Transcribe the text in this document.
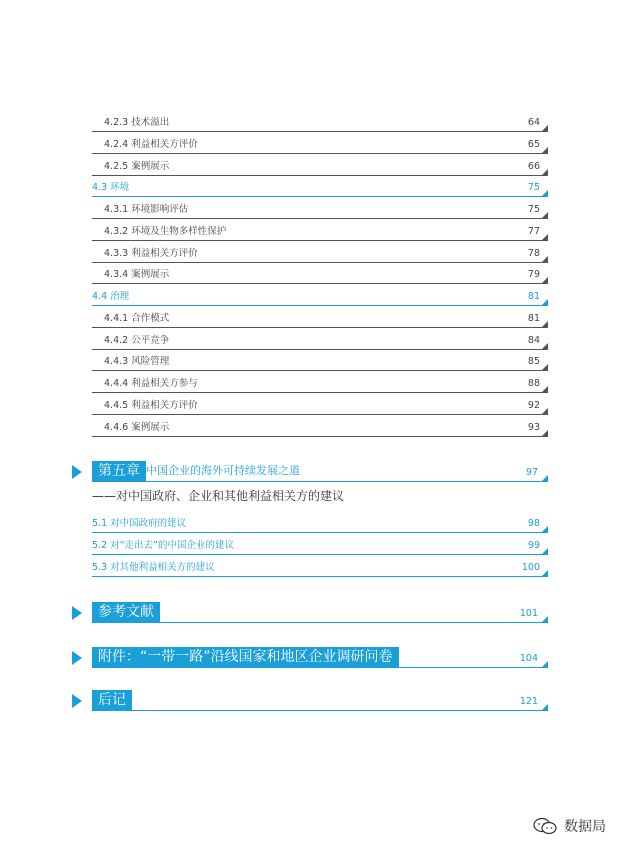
4.2.3 技术溢出	64
4.2.4 利益相关方评价	65
4.2.5 案例展示	66
4.3 环境	75
4.3.1 环境影响评估	75
4.3.2 环境及生物多样性保护	77
4.3.3 利益相关方评价	78
4.3.4 案例展示	79
4.4 治理	81
4.4.1 合作模式	81
4.4.2 公平竞争	84
4.4.3 风险管理	85
4.4.4 利益相关方参与	88
4.4.5 利益相关方评价	92
4.4.6 案例展示	93
第五章 中国企业的海外可持续发展之道	97
——对中国政府、企业和其他利益相关方的建议
5.1 对中国政府的建议	98
5.2 对“走出去”的中国企业的建议	99
5.3 对其他利益相关方的建议	100
参考文献	101
附件：“一带一路”沿线国家和地区企业调研问卷	104
后记	121
数据局
